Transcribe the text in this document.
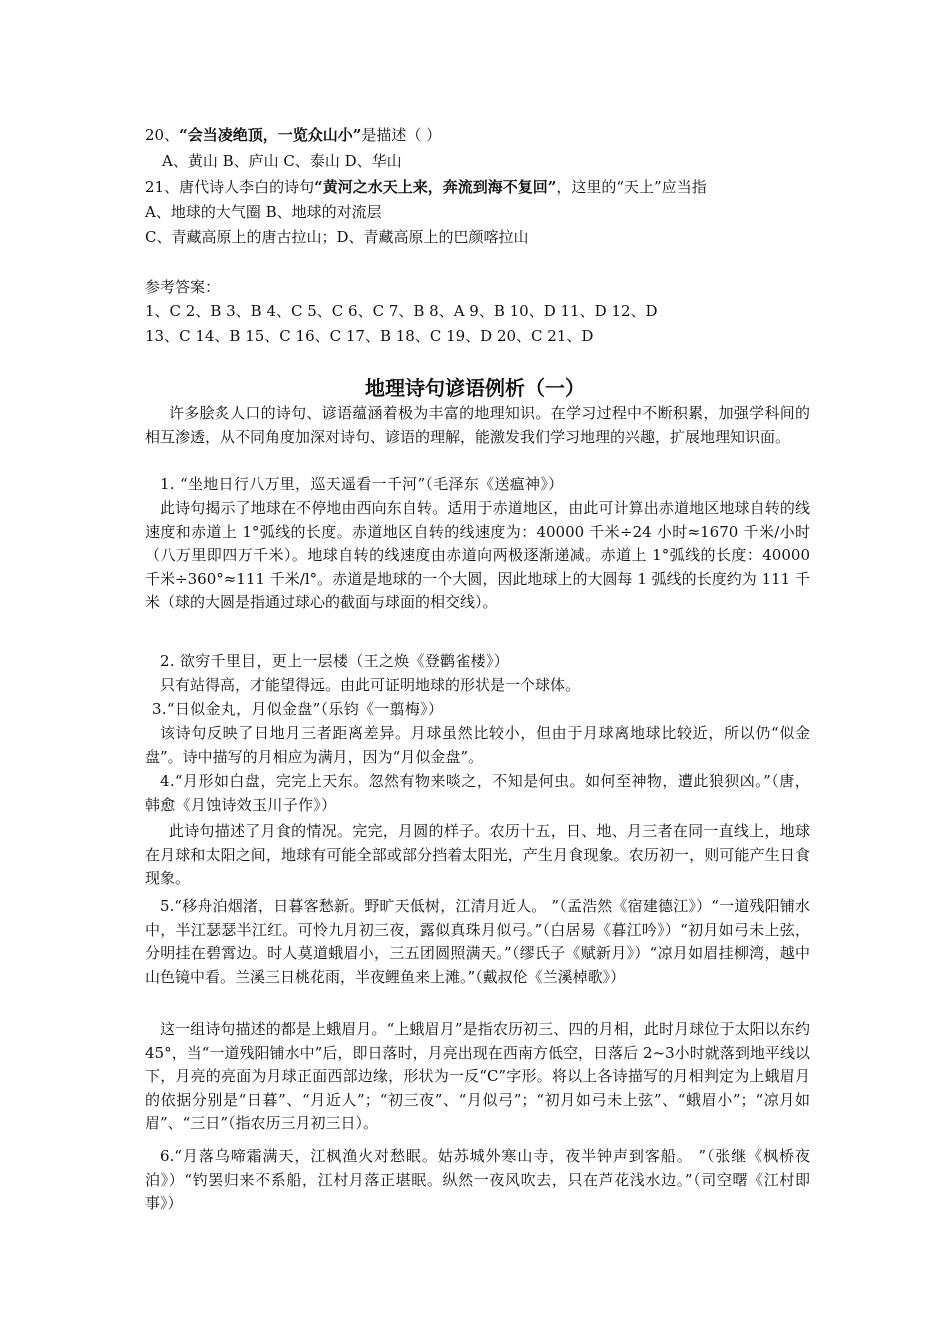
20、“会当凌绝顶，一览众山小”是描述（ ）
A、黄山 B、庐山 C、泰山 D、华山
21、唐代诗人李白的诗句“黄河之水天上来，奔流到海不复回”，这里的“天上”应当指
A、地球的大气圈 B、地球的对流层
C、青藏高原上的唐古拉山；D、青藏高原上的巴颜喀拉山
参考答案：
1、C 2、B 3、B 4、C 5、C 6、C 7、B 8、A 9、B 10、D 11、D 12、D
13、C 14、B 15、C 16、C 17、B 18、C 19、D 20、C 21、D
地理诗句谚语例析（一）
许多脍炙人口的诗句、谚语蕴涵着极为丰富的地理知识。在学习过程中不断积累，加强学科间的相互渗透，从不同角度加深对诗句、谚语的理解，能激发我们学习地理的兴趣，扩展地理知识面。
1. “坐地日行八万里，巡天遥看一千河”（毛泽东《送瘟神》）
此诗句揭示了地球在不停地由西向东自转。适用于赤道地区，由此可计算出赤道地区地球自转的线速度和赤道上 1°弧线的长度。赤道地区自转的线速度为：40000 千米÷24 小时≈1670 千米/小时（八万里即四万千米）。地球自转的线速度由赤道向两极逐渐递减。赤道上 1°弧线的长度：40000 千米÷360°≈111 千米/l°。赤道是地球的一个大圆，因此地球上的大圆每 1 弧线的长度约为 111 千米（球的大圆是指通过球心的截面与球面的相交线）。
2. 欲穷千里目，更上一层楼（王之焕《登鹳雀楼》）
只有站得高，才能望得远。由此可证明地球的形状是一个球体。
3.“日似金丸，月似金盘”（乐钧《一翦梅》）
该诗句反映了日地月三者距离差异。月球虽然比较小，但由于月球离地球比较近，所以仍“似金盘”。诗中描写的月相应为满月，因为“月似金盘”。
4.“月形如白盘，完完上天东。忽然有物来啖之，不知是何虫。如何至神物，遭此狼狈凶。”（唐，韩愈《月蚀诗效玉川子作》）
此诗句描述了月食的情况。完完，月圆的样子。农历十五，日、地、月三者在同一直线上，地球在月球和太阳之间，地球有可能全部或部分挡着太阳光，产生月食现象。农历初一，则可能产生日食现象。
5.“移舟泊烟渚，日暮客愁新。野旷天低树，江清月近人。 ”（孟浩然《宿建德江》）“一道残阳铺水中，半江瑟瑟半江红。可怜九月初三夜，露似真珠月似弓。”（白居易《暮江吟》）“初月如弓未上弦，分明挂在碧霄边。时人莫道蛾眉小，三五团圆照满天。”（缪氏子《赋新月》）“凉月如眉挂柳湾，越中山色镜中看。兰溪三日桃花雨，半夜鲤鱼来上滩。”（戴叔伦《兰溪棹歌》）
这一组诗句描述的都是上蛾眉月。“上蛾眉月”是指农历初三、四的月相，此时月球位于太阳以东约 45°，当“一道残阳铺水中”后，即日落时，月亮出现在西南方低空，日落后 2~3小时就落到地平线以下，月亮的亮面为月球正面西部边缘，形状为一反“C”字形。将以上各诗描写的月相判定为上蛾眉月的依据分别是“日暮”、“月近人”；“初三夜”、“月似弓”；“初月如弓未上弦”、“蛾眉小”；“凉月如眉”、“三日”（指农历三月初三日）。
6.“月落乌啼霜满天，江枫渔火对愁眠。姑苏城外寒山寺，夜半钟声到客船。 ”（张继《枫桥夜泊》）“钓罢归来不系船，江村月落正堪眠。纵然一夜风吹去，只在芦花浅水边。”（司空曙《江村即事》）
